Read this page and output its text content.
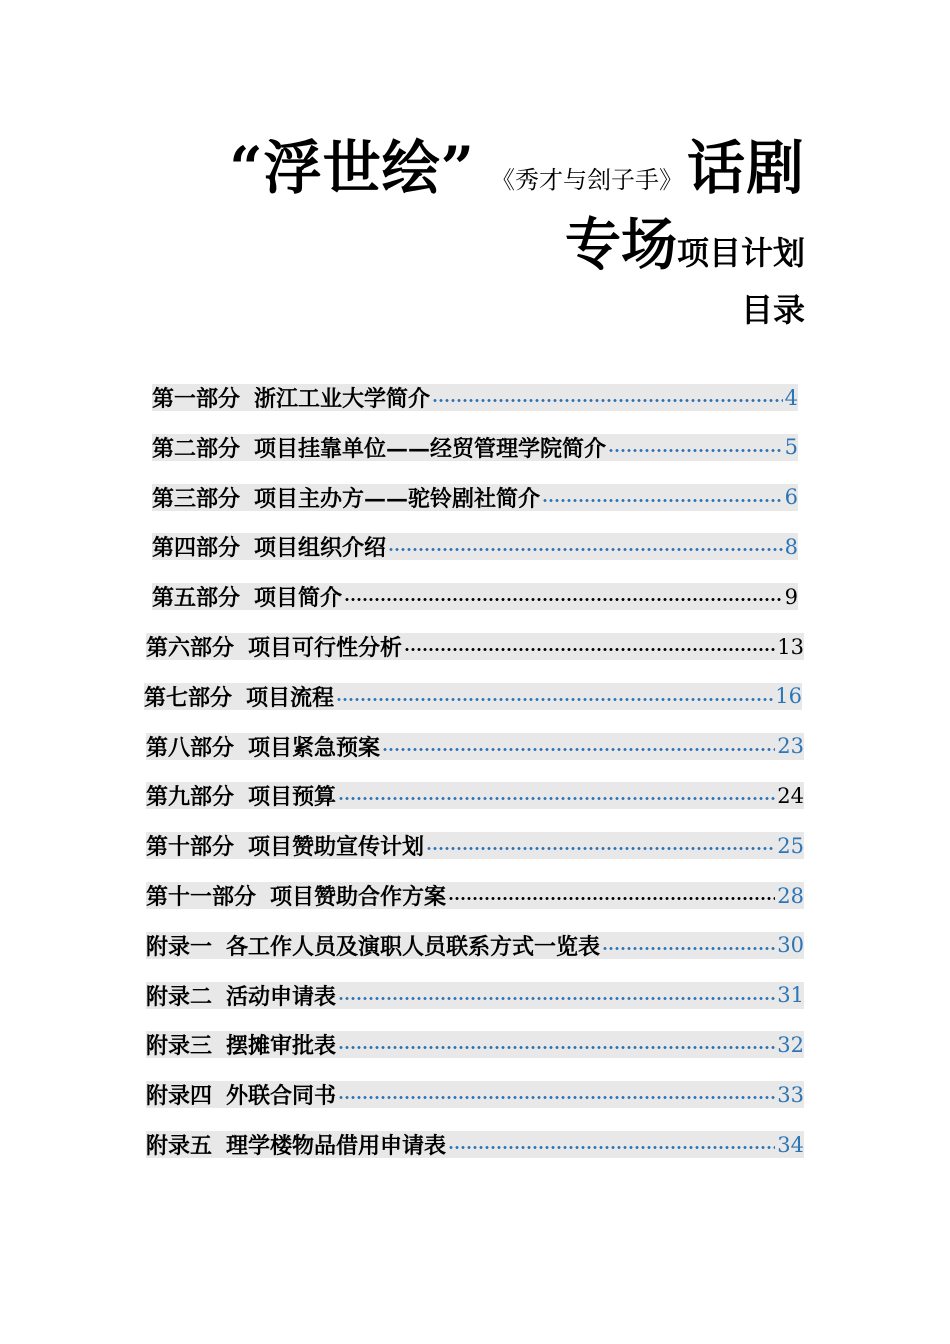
“浮世绘” 《秀才与刽子手》话剧
专场项目计划
目录
第一部分 浙江工业大学简介	4
第二部分 项目挂靠单位——经贸管理学院简介	5
第三部分 项目主办方——驼铃剧社简介	6
第四部分 项目组织介绍	8
第五部分 项目简介	9
第六部分 项目可行性分析	13
第七部分 项目流程	16
第八部分 项目紧急预案	23
第九部分 项目预算	24
第十部分 项目赞助宣传计划	25
第十一部分 项目赞助合作方案	28
附录一 各工作人员及演职人员联系方式一览表	30
附录二 活动申请表	31
附录三 摆摊审批表	32
附录四 外联合同书	33
附录五 理学楼物品借用申请表	34
